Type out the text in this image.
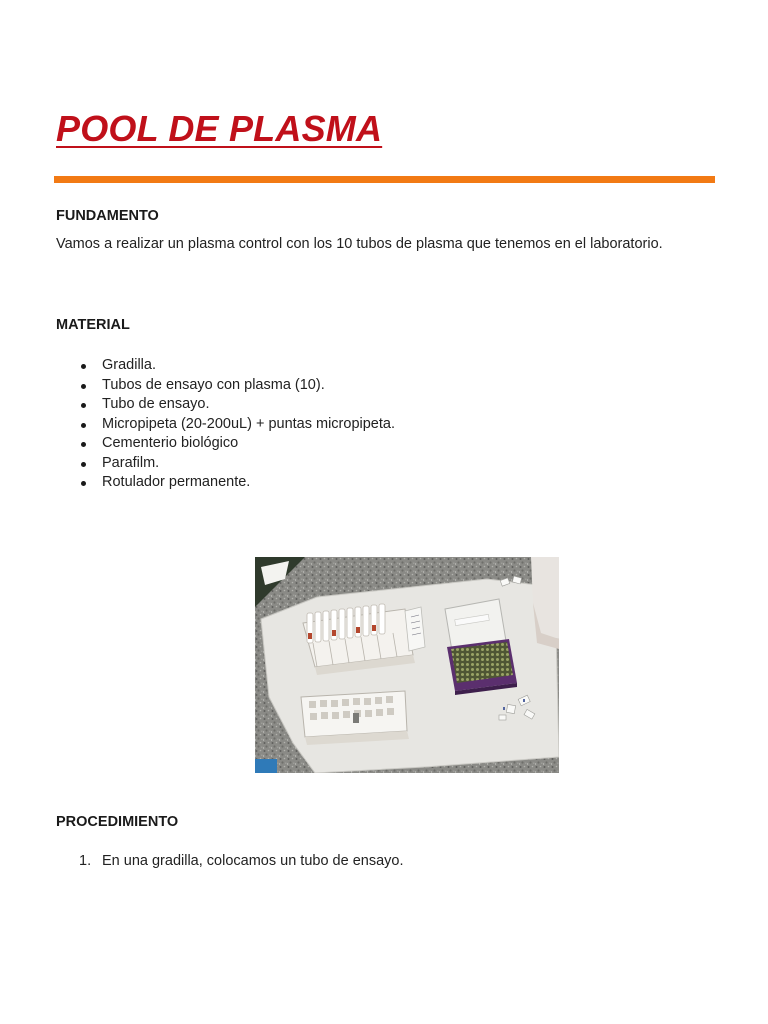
POOL DE PLASMA
FUNDAMENTO

Vamos a realizar un plasma control con los 10 tubos de plasma que tenemos en el laboratorio.

MATERIAL
Gradilla.
Tubos de ensayo con plasma (10).
Tubo de ensayo.
Micropipeta (20-200uL) + puntas micropipeta.
Cementerio biológico
Parafilm.
Rotulador permanente.
PROCEDIMIENTO
1. En una gradilla, colocamos un tubo de ensayo.
